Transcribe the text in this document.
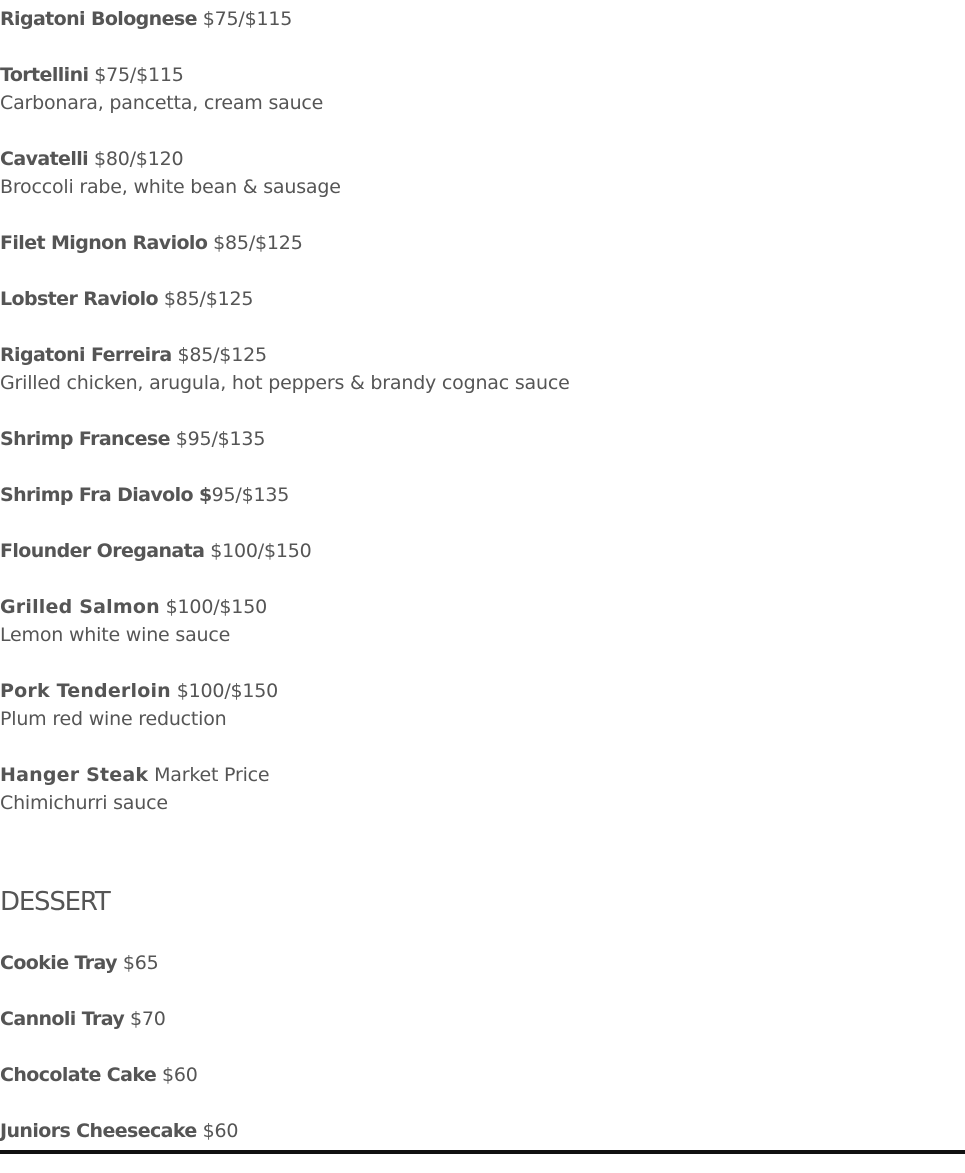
Rigatoni Bolognese $75/$115
Tortellini $75/$115
Carbonara, pancetta, cream sauce
Cavatelli $80/$120
Broccoli rabe, white bean & sausage
Filet Mignon Raviolo $85/$125
Lobster Raviolo $85/$125
Rigatoni Ferreira $85/$125
Grilled chicken, arugula, hot peppers & brandy cognac sauce
Shrimp Francese $95/$135
Shrimp Fra Diavolo $95/$135
Flounder Oreganata $100/$150
Grilled Salmon $100/$150
Lemon white wine sauce
Pork Tenderloin $100/$150
Plum red wine reduction
Hanger Steak Market Price
Chimichurri sauce
DESSERT
Cookie Tray $65
Cannoli Tray $70
Chocolate Cake $60
Juniors Cheesecake $60
